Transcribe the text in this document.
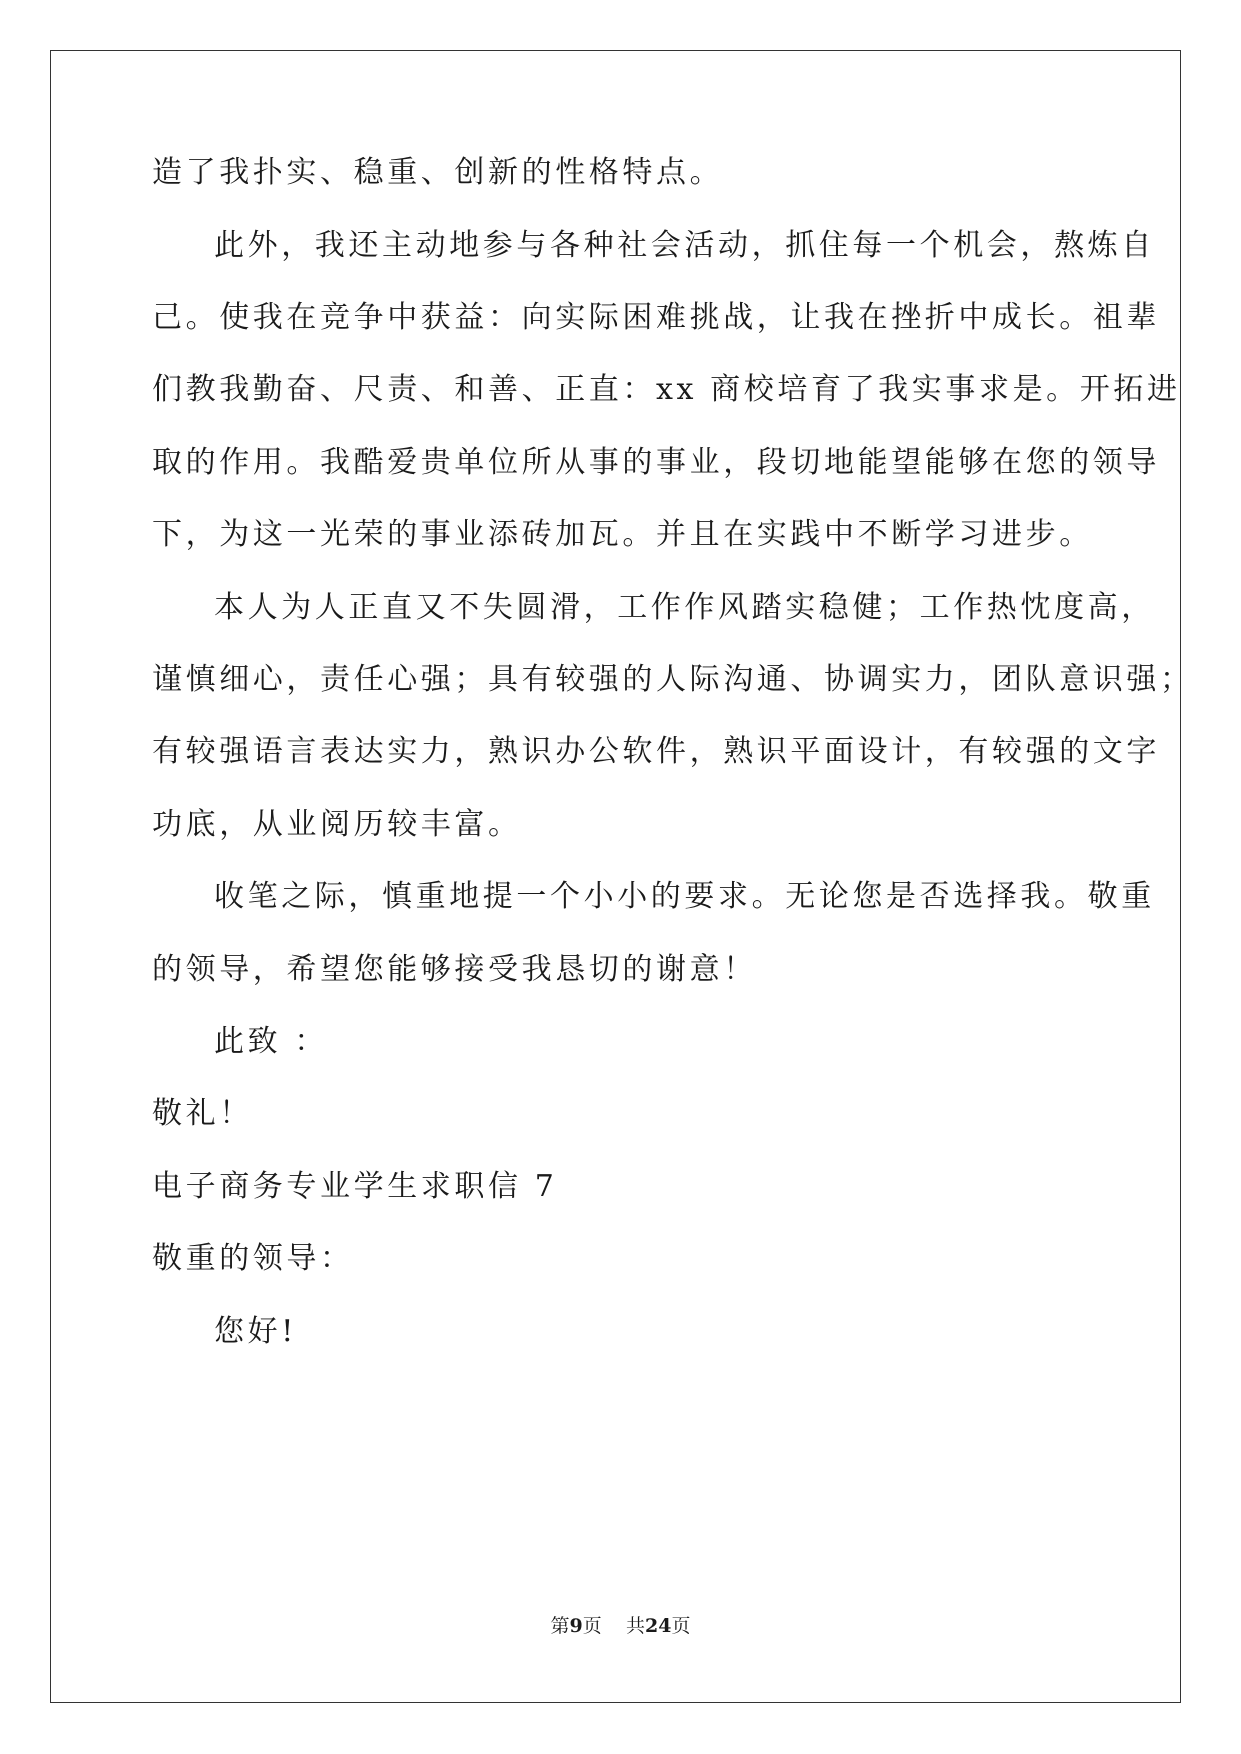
造了我扑实、稳重、创新的性格特点。
此外，我还主动地参与各种社会活动，抓住每一个机会，熬炼自
己。使我在竞争中获益：向实际困难挑战，让我在挫折中成长。祖辈
们教我勤奋、尺责、和善、正直：xx 商校培育了我实事求是。开拓进
取的作用。我酷爱贵单位所从事的事业，段切地能望能够在您的领导
下，为这一光荣的事业添砖加瓦。并且在实践中不断学习进步。
本人为人正直又不失圆滑，工作作风踏实稳健；工作热忱度高，
谨慎细心，责任心强；具有较强的人际沟通、协调实力，团队意识强；
有较强语言表达实力，熟识办公软件，熟识平面设计，有较强的文字
功底，从业阅历较丰富。
收笔之际，慎重地提一个小小的要求。无论您是否选择我。敬重
的领导，希望您能够接受我恳切的谢意！
此致 ：
敬礼！
电子商务专业学生求职信 7
敬重的领导：
您好!
第9页 共24页
